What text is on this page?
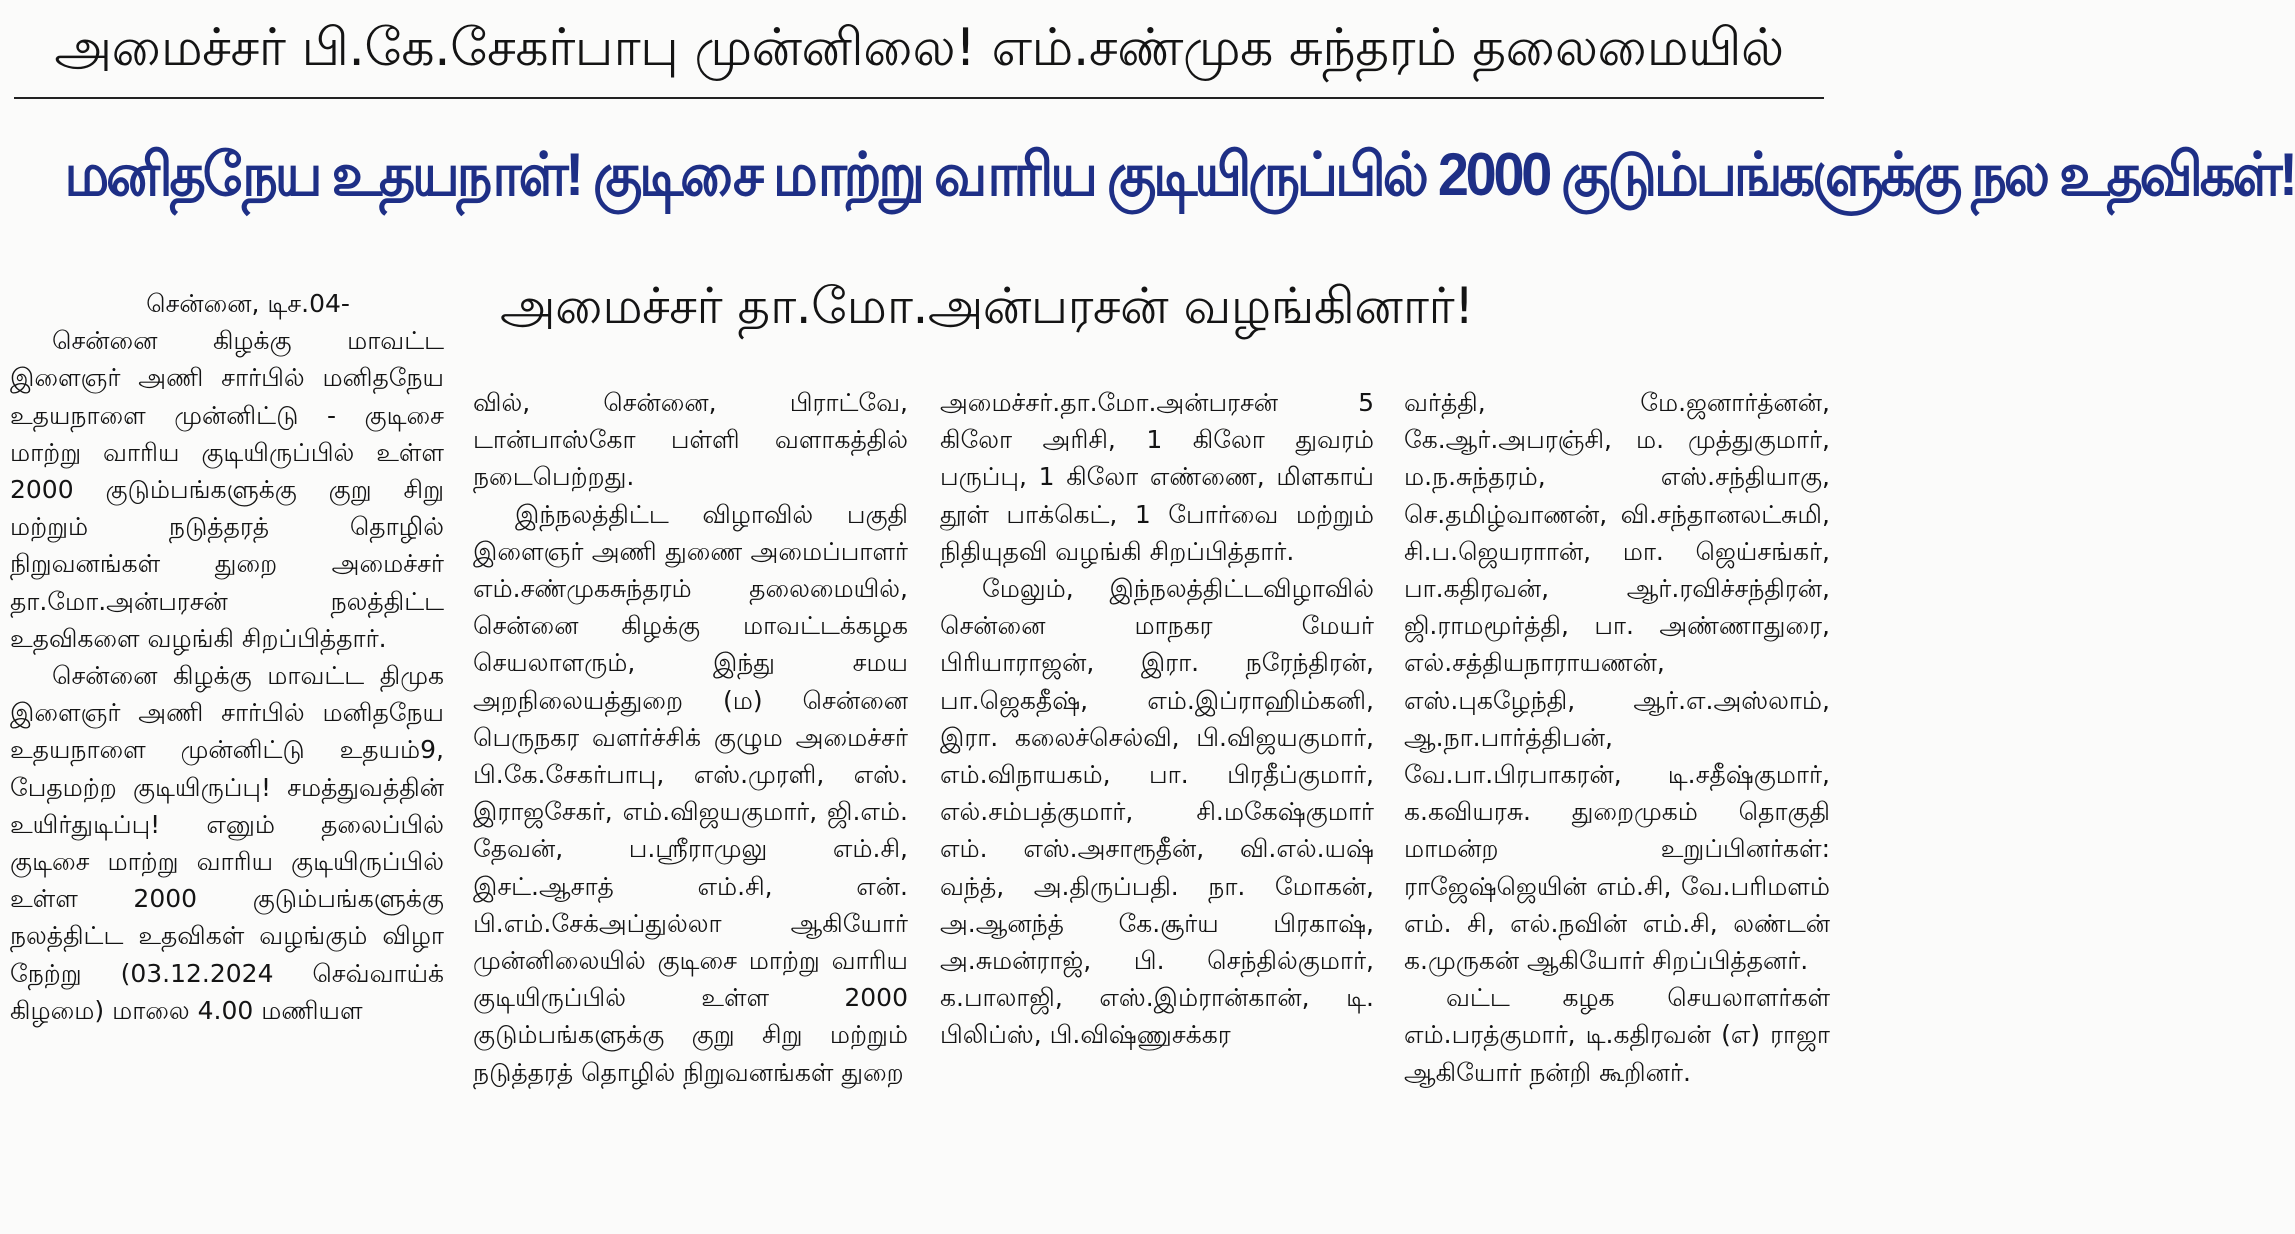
அமைச்சர் பி.கே.சேகர்பாபு முன்னிலை! எம்.சண்முக சுந்தரம் தலைமையில்
மனிதநேய உதயநாள்! குடிசை மாற்று வாரிய குடியிருப்பில் 2000 குடும்பங்களுக்கு நல உதவிகள்!
அமைச்சர் தா.மோ.அன்பரசன் வழங்கினார்!

சென்னை, டிச.04-

சென்னை கிழக்கு மாவட்ட இளைஞர் அணி சார்பில் மனிதநேய உதயநாளை முன்னிட்டு - குடிசை மாற்று வாரிய குடியிருப்பில் உள்ள 2000 குடும்பங்களுக்கு குறு சிறு மற்றும் நடுத்தரத் தொழில் நிறுவனங்கள் துறை அமைச்சர் தா.மோ.அன்பரசன் நலத்திட்ட உதவிகளை வழங்கி சிறப்பித்தார்.

சென்னை கிழக்கு மாவட்ட திமுக இளைஞர் அணி சார்பில் மனிதநேய உதயநாளை முன்னிட்டு உதயம்9, பேதமற்ற குடியிருப்பு! சமத்துவத்தின் உயிர்துடிப்பு! எனும் தலைப்பில் குடிசை மாற்று வாரிய குடியிருப்பில் உள்ள 2000 குடும்பங்களுக்கு நலத்திட்ட உதவிகள் வழங்கும் விழா நேற்று (03.12.2024 செவ்வாய்க் கிழமை) மாலை 4.00 மணியள

வில், சென்னை, பிராட்வே, டான்பாஸ்கோ பள்ளி வளாகத்தில் நடைபெற்றது.

இந்நலத்திட்ட விழாவில் பகுதி இளைஞர் அணி துணை அமைப்பாளர் எம்.சண்முகசுந்தரம் தலைமையில், சென்னை கிழக்கு மாவட்டக்கழக செயலாளரும், இந்து சமய அறநிலையத்துறை (ம) சென்னை பெருநகர வளர்ச்சிக் குழும அமைச்சர் பி.கே.சேகர்பாபு, எஸ்.முரளி, எஸ். இராஜசேகர், எம்.விஜயகுமார், ஜி.எம். தேவன், ப.ஸ்ரீராமுலு எம்.சி, இசட்.ஆசாத் எம்.சி, என். பி.எம்.சேக்அப்துல்லா ஆகியோர் முன்னிலையில் குடிசை மாற்று வாரிய குடியிருப்பில் உள்ள 2000 குடும்பங்களுக்கு குறு சிறு மற்றும் நடுத்தரத் தொழில் நிறுவனங்கள் துறை

அமைச்சர்.தா.மோ.அன்பரசன் 5 கிலோ அரிசி, 1 கிலோ துவரம் பருப்பு, 1 கிலோ எண்ணை, மிளகாய் தூள் பாக்கெட், 1 போர்வை மற்றும் நிதியுதவி வழங்கி சிறப்பித்தார்.

மேலும், இந்நலத்திட்டவிழாவில் சென்னை மாநகர மேயர் பிரியாராஜன், இரா. நரேந்திரன், பா.ஜெகதீஷ், எம்.இப்ராஹிம்கனி, இரா. கலைச்செல்வி, பி.விஜயகுமார், எம்.விநாயகம், பா. பிரதீப்குமார், எல்.சம்பத்குமார், சி.மகேஷ்குமார் எம். எஸ்.அசாரூதீன், வி.எல்.யஷ் வந்த், அ.திருப்பதி. நா. மோகன், அ.ஆனந்த் கே.சூர்ய பிரகாஷ், அ.சுமன்ராஜ், பி. செந்தில்குமார், க.பாலாஜி, எஸ்.இம்ரான்கான், டி. பிலிப்ஸ், பி.விஷ்ணுசக்கர

வர்த்தி, மே.ஜனார்த்னன், கே.ஆர்.அபரஞ்சி, ம. முத்துகுமார், ம.ந.சுந்தரம், எஸ்.சந்தியாகு, செ.தமிழ்வாணன், வி.சந்தானலட்சுமி, சி.ப.ஜெயராான், மா. ஜெய்சங்கர், பா.கதிரவன், ஆர்.ரவிச்சந்திரன், ஜி.ராமமூர்த்தி, பா. அண்ணாதுரை, எல்.சத்தியநாராயணன், எஸ்.புகழேந்தி, ஆர்.எ.அஸ்லாம், ஆ.நா.பார்த்திபன், வே.பா.பிரபாகரன், டி.சதீஷ்குமார், க.கவியரசு. துறைமுகம் தொகுதி மாமன்ற உறுப்பினர்கள்: ராஜேஷ்ஜெயின் எம்.சி, வே.பரிமளம் எம். சி, எல்.நவின் எம்.சி, லண்டன் க.முருகன் ஆகியோர் சிறப்பித்தனர்.

வட்ட கழக செயலாளர்கள் எம்.பரத்குமார், டி.கதிரவன் (எ) ராஜா ஆகியோர் நன்றி கூறினர்.
